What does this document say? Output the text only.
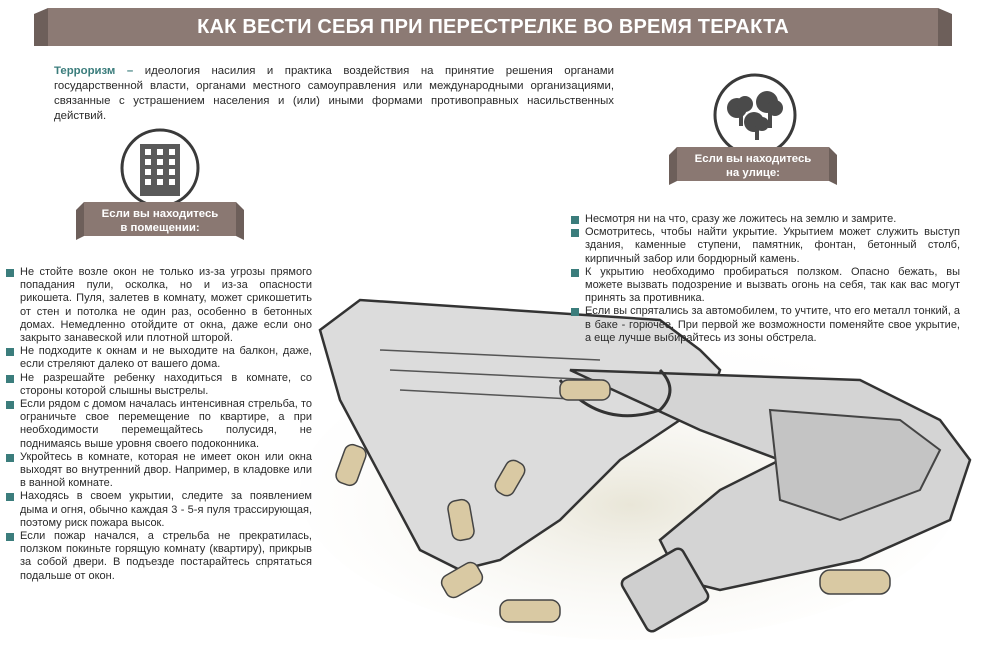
КАК ВЕСТИ СЕБЯ ПРИ ПЕРЕСТРЕЛКЕ ВО ВРЕМЯ ТЕРАКТА
Терроризм – идеология насилия и практика воздействия на принятие решения органами государственной власти, органами местного самоуправления или международными организациями, связанные с устрашением населения и (или) иными формами противоправных насильственных действий.
Если вы находитесь
в помещении:
Если вы находитесь
на улице:
Не стойте возле окон не только из-за угрозы прямого попадания пули, осколка, но и из-за опасности рикошета. Пуля, залетев в комнату, может срикошетить от стен и потолка не один раз, особенно в бетонных домах. Немедленно отойдите от окна, даже если оно закрыто занавеской или плотной шторой.
Не подходите к окнам и не выходите на балкон, даже, если стреляют далеко от вашего дома.
Не разрешайте ребенку находиться в комнате, со стороны которой слышны выстрелы.
Если рядом с домом началась интенсивная стрельба, то ограничьте свое перемещение по квартире, а при необходимости перемещайтесь полусидя, не поднимаясь выше уровня своего подоконника.
Укройтесь в комнате, которая не имеет окон или окна выходят во внутренний двор. Например, в кладовке или в ванной комнате.
Находясь в своем укрытии, следите за появлением дыма и огня, обычно каждая 3 - 5-я пуля трассирующая, поэтому риск пожара высок.
Если пожар начался, а стрельба не прекратилась, ползком покиньте горящую комнату (квартиру), прикрыв за собой двери. В подъезде постарайтесь спрятаться подальше от окон.
Несмотря ни на что, сразу же ложитесь на землю и замрите.
Осмотритесь, чтобы найти укрытие. Укрытием может служить выступ здания, каменные ступени, памятник, фонтан, бетонный столб, кирпичный забор или бордюрный камень.
К укрытию необходимо пробираться ползком. Опасно бежать, вы можете вызвать подозрение и вызвать огонь на себя, так как вас могут принять за противника.
Если вы спрятались за автомобилем, то учтите, что его металл тонкий, а в баке - горючее. При первой же возможности поменяйте свое укрытие, а еще лучше выбирайтесь из зоны обстрела.
